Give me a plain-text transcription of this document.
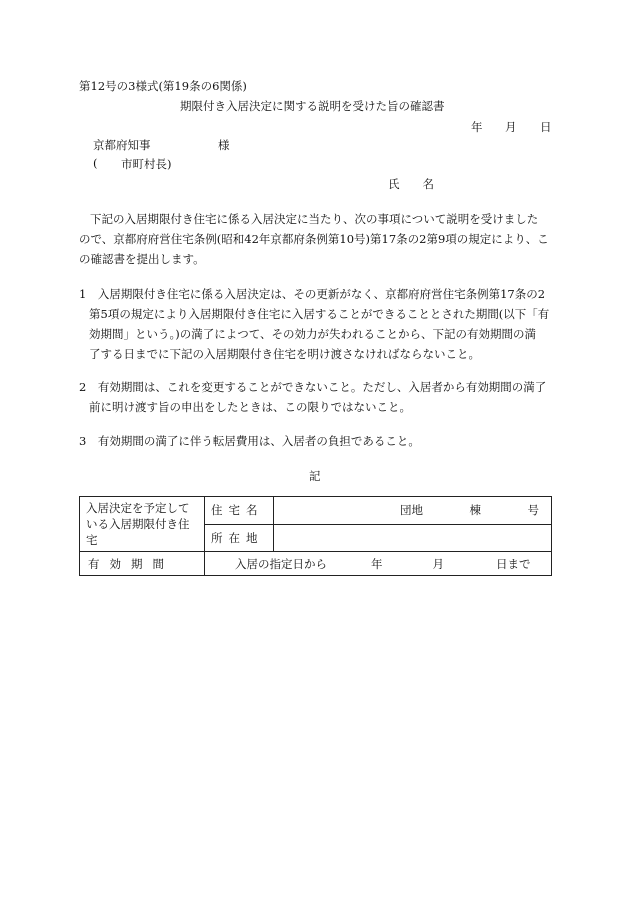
第12号の3様式(第19条の6関係)
期限付き入居決定に関する説明を受けた旨の確認書
年 月 日
京都府知事	様
( 市町村長)
氏　　名
下記の入居期限付き住宅に係る入居決定に当たり、次の事項について説明を受けました
ので、京都府府営住宅条例(昭和42年京都府条例第10号)第17条の2第9項の規定により、こ
の確認書を提出します。
1　入居期限付き住宅に係る入居決定は、その更新がなく、京都府府営住宅条例第17条の2
第5項の規定により入居期限付き住宅に入居することができることとされた期間(以下「有
効期間」という。)の満了によつて、その効力が失われることから、下記の有効期間の満
了する日までに下記の入居期限付き住宅を明け渡さなければならないこと。
2　有効期間は、これを変更することができないこと。ただし、入居者から有効期間の満了
前に明け渡す旨の申出をしたときは、この限りではないこと。
3　有効期間の満了に伴う転居費用は、入居者の負担であること。
記
入居決定を予定している入居期限付き住宅	住宅名	団地 棟 号

	所在地	
有効期間	入居の指定日から 年 月 日まで	
